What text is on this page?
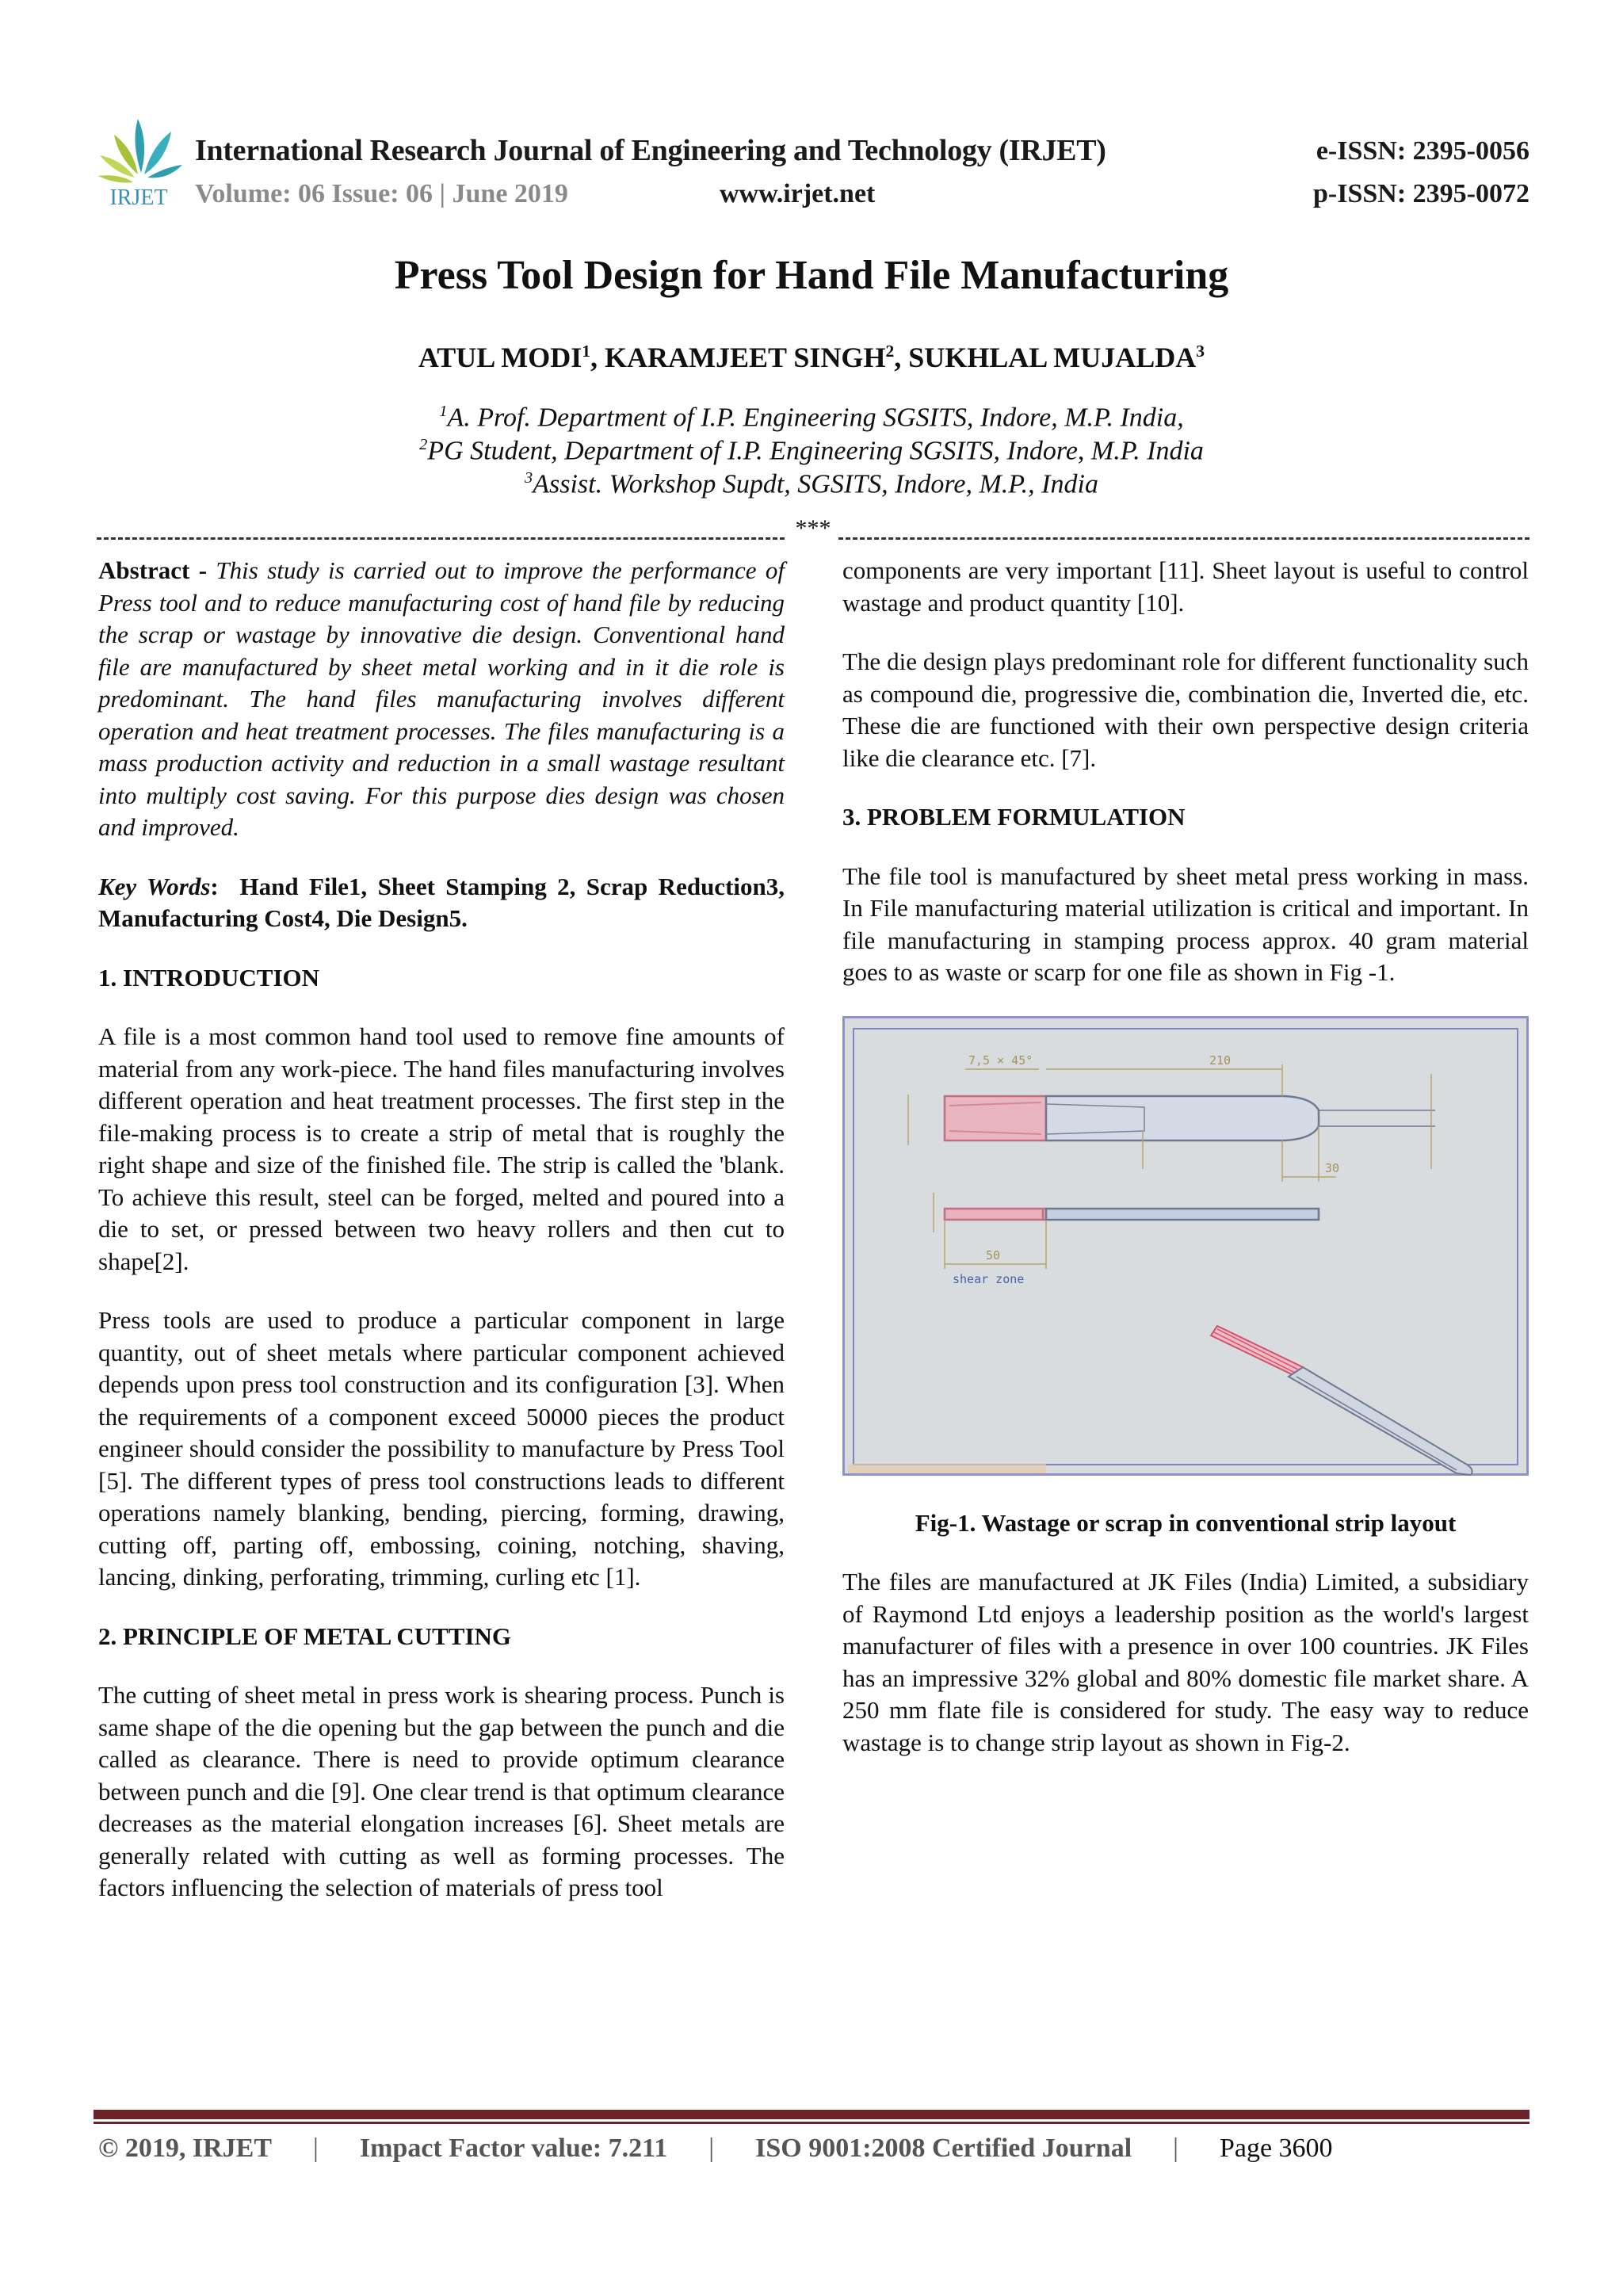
IRJET
International Research Journal of Engineering and Technology (IRJET)
Volume: 06 Issue: 06 | June 2019	www.irjet.net
e-ISSN: 2395-0056
p-ISSN: 2395-0072
Press Tool Design for Hand File Manufacturing
ATUL MODI$^1$, KARAMJEET SINGH$^2$, SUKHLAL MUJALDA$^3$
$^1$A. Prof. Department of I.P. Engineering SGSITS, Indore, M.P. India,
$^2$PG Student, Department of I.P. Engineering SGSITS, Indore, M.P. India
$^3$Assist. Workshop Supdt, SGSITS, Indore, M.P., India
***

Abstract - This study is carried out to improve the performance of Press tool and to reduce manufacturing cost of hand file by reducing the scrap or wastage by innovative die design. Conventional hand file are manufactured by sheet metal working and in it die role is predominant. The hand files manufacturing involves different operation and heat treatment processes. The files manufacturing is a mass production activity and reduction in a small wastage resultant into multiply cost saving. For this purpose dies design was chosen and improved.

Key Words: Hand File1, Sheet Stamping 2, Scrap Reduction3, Manufacturing Cost4, Die Design5.

1. INTRODUCTION

A file is a most common hand tool used to remove fine amounts of material from any work-piece. The hand files manufacturing involves different operation and heat treatment processes. The first step in the file-making process is to create a strip of metal that is roughly the right shape and size of the finished file. The strip is called the 'blank. To achieve this result, steel can be forged, melted and poured into a die to set, or pressed between two heavy rollers and then cut to shape[2].

Press tools are used to produce a particular component in large quantity, out of sheet metals where particular component achieved depends upon press tool construction and its configuration [3]. When the requirements of a component exceed 50000 pieces the product engineer should consider the possibility to manufacture by Press Tool [5]. The different types of press tool constructions leads to different operations namely blanking, bending, piercing, forming, drawing, cutting off, parting off, embossing, coining, notching, shaving, lancing, dinking, perforating, trimming, curling etc [1].

2. PRINCIPLE OF METAL CUTTING

The cutting of sheet metal in press work is shearing process. Punch is same shape of the die opening but the gap between the punch and die called as clearance. There is need to provide optimum clearance between punch and die [9]. One clear trend is that optimum clearance decreases as the material elongation increases [6]. Sheet metals are generally related with cutting as well as forming processes. The factors influencing the selection of materials of press tool

components are very important [11]. Sheet layout is useful to control wastage and product quantity [10].

The die design plays predominant role for different functionality such as compound die, progressive die, combination die, Inverted die, etc. These die are functioned with their own perspective design criteria like die clearance etc. [7].

3. PROBLEM FORMULATION

The file tool is manufactured by sheet metal press working in mass. In File manufacturing material utilization is critical and important. In file manufacturing in stamping process approx. 40 gram material goes to as waste or scarp for one file as shown in Fig -1.

7,5 × 45°	210
30
50
shear zone

Fig-1. Wastage or scrap in conventional strip layout

The files are manufactured at JK Files (India) Limited, a subsidiary of Raymond Ltd enjoys a leadership position as the world's largest manufacturer of files with a presence in over 100 countries. JK Files has an impressive 32% global and 80% domestic file market share. A 250 mm flate file is considered for study. The easy way to reduce wastage is to change strip layout as shown in Fig-2.

© 2019, IRJET | Impact Factor value: 7.211 | ISO 9001:2008 Certified Journal | Page 3600
